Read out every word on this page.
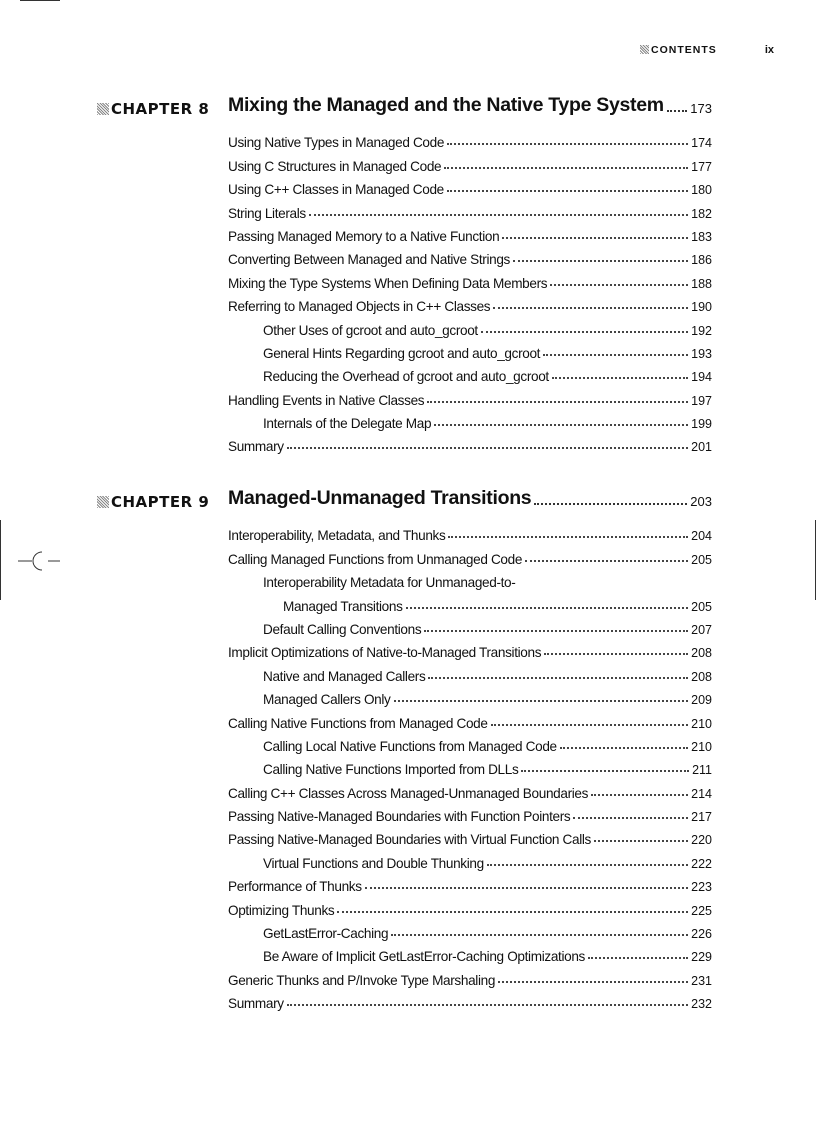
CONTENTS	ix
CHAPTER 8 Mixing the Managed and the Native Type System 173
Using Native Types in Managed Code	174
Using C Structures in Managed Code	177
Using C++ Classes in Managed Code	180
String Literals	182
Passing Managed Memory to a Native Function	183
Converting Between Managed and Native Strings	186
Mixing the Type Systems When Defining Data Members	188
Referring to Managed Objects in C++ Classes	190
Other Uses of gcroot and auto_gcroot	192
General Hints Regarding gcroot and auto_gcroot	193
Reducing the Overhead of gcroot and auto_gcroot	194
Handling Events in Native Classes	197
Internals of the Delegate Map	199
Summary	201
CHAPTER 9 Managed-Unmanaged Transitions	203
Interoperability, Metadata, and Thunks	204
Calling Managed Functions from Unmanaged Code	205
Interoperability Metadata for Unmanaged-to-
Managed Transitions	205
Default Calling Conventions	207
Implicit Optimizations of Native-to-Managed Transitions	208
Native and Managed Callers	208
Managed Callers Only	209
Calling Native Functions from Managed Code	210
Calling Local Native Functions from Managed Code	210
Calling Native Functions Imported from DLLs	211
Calling C++ Classes Across Managed-Unmanaged Boundaries	214
Passing Native-Managed Boundaries with Function Pointers	217
Passing Native-Managed Boundaries with Virtual Function Calls	220
Virtual Functions and Double Thunking	222
Performance of Thunks	223
Optimizing Thunks	225
GetLastError-Caching	226
Be Aware of Implicit GetLastError-Caching Optimizations	229
Generic Thunks and P/Invoke Type Marshaling	231
Summary	232
